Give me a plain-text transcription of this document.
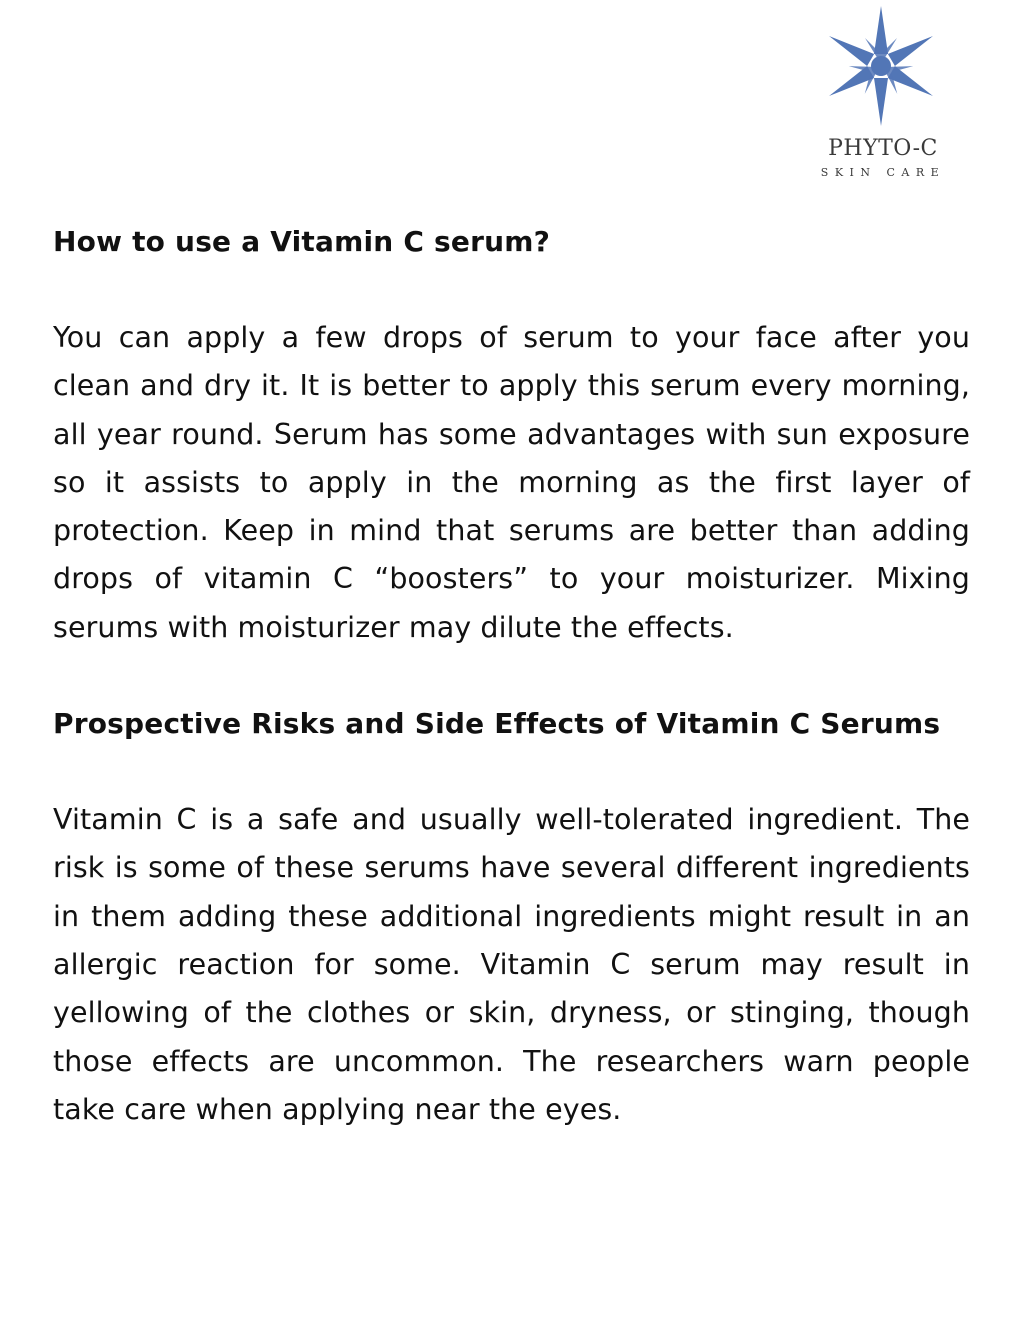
PHYTO-C
SKIN CARE
How to use a Vitamin C serum?

You can apply a few drops of serum to your face after you clean and dry it. It is better to apply this serum every morning, all year round. Serum has some advantages with sun exposure so it assists to apply in the morning as the first layer of protection. Keep in mind that serums are better than adding drops of vitamin C “boosters” to your moisturizer. Mixing serums with moisturizer may dilute the effects.

Prospective Risks and Side Effects of Vitamin C Serums

Vitamin C is a safe and usually well-tolerated ingredient. The risk is some of these serums have several different ingredients in them adding these additional ingredients might result in an allergic reaction for some. Vitamin C serum may result in yellowing of the clothes or skin, dryness, or stinging, though those effects are uncommon. The researchers warn people take care when applying near the eyes.
